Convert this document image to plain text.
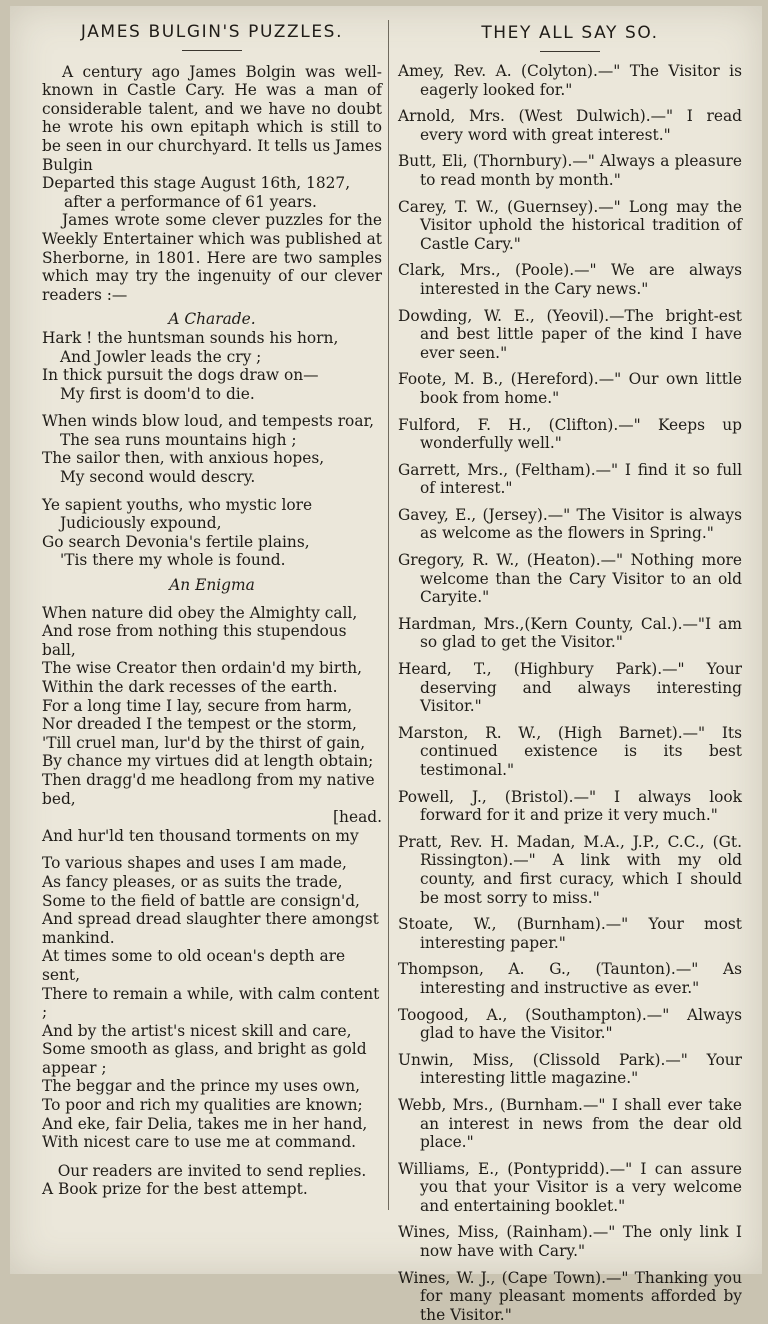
JAMES BULGIN'S PUZZLES.
A century ago James Bolgin was well-known in Castle Cary. He was a man of considerable talent, and we have no doubt he wrote his own epitaph which is still to be seen in our churchyard. It tells us James Bulgin
Departed this stage August 16th, 1827,
after a performance of 61 years.
James wrote some clever puzzles for the Weekly Entertainer which was published at Sherborne, in 1801. Here are two samples which may try the ingenuity of our clever readers :—
A Charade.
Hark ! the huntsman sounds his horn,
And Jowler leads the cry ;
In thick pursuit the dogs draw on—
My first is doom'd to die.
When winds blow loud, and tempests roar,
The sea runs mountains high ;
The sailor then, with anxious hopes,
My second would descry.
Ye sapient youths, who mystic lore
Judiciously expound,
Go search Devonia's fertile plains,
'Tis there my whole is found.
An Enigma
When nature did obey the Almighty call,
And rose from nothing this stupendous ball,
The wise Creator then ordain'd my birth,
Within the dark recesses of the earth.
For a long time I lay, secure from harm,
Nor dreaded I the tempest or the storm,
'Till cruel man, lur'd by the thirst of gain,
By chance my virtues did at length obtain;
Then dragg'd me headlong from my native bed,
[head.
And hur'ld ten thousand torments on my
To various shapes and uses I am made,
As fancy pleases, or as suits the trade,
Some to the field of battle are consign'd,
And spread dread slaughter there amongst mankind.
At times some to old ocean's depth are sent,
There to remain a while, with calm content ;
And by the artist's nicest skill and care,
Some smooth as glass, and bright as gold appear ;
The beggar and the prince my uses own,
To poor and rich my qualities are known;
And eke, fair Delia, takes me in her hand,
With nicest care to use me at command.
Our readers are invited to send replies.
A Book prize for the best attempt.
THEY ALL SAY SO.
Amey, Rev. A. (Colyton).—" The Visitor is eagerly looked for."
Arnold, Mrs. (West Dulwich).—" I read every word with great interest."
Butt, Eli, (Thornbury).—" Always a pleasure to read month by month."
Carey, T. W., (Guernsey).—" Long may the Visitor uphold the historical tradition of Castle Cary."
Clark, Mrs., (Poole).—" We are always interested in the Cary news."
Dowding, W. E., (Yeovil).—The bright-est and best little paper of the kind I have ever seen."
Foote, M. B., (Hereford).—" Our own little book from home."
Fulford, F. H., (Clifton).—" Keeps up wonderfully well."
Garrett, Mrs., (Feltham).—" I find it so full of interest."
Gavey, E., (Jersey).—" The Visitor is always as welcome as the flowers in Spring."
Gregory, R. W., (Heaton).—" Nothing more welcome than the Cary Visitor to an old Caryite."
Hardman, Mrs.,(Kern County, Cal.).—"I am so glad to get the Visitor."
Heard, T., (Highbury Park).—" Your deserving and always interesting Visitor."
Marston, R. W., (High Barnet).—" Its continued existence is its best testimonal."
Powell, J., (Bristol).—" I always look forward for it and prize it very much."
Pratt, Rev. H. Madan, M.A., J.P., C.C., (Gt. Rissington).—" A link with my old county, and first curacy, which I should be most sorry to miss."
Stoate, W., (Burnham).—" Your most interesting paper."
Thompson, A. G., (Taunton).—" As interesting and instructive as ever."
Toogood, A., (Southampton).—" Always glad to have the Visitor."
Unwin, Miss, (Clissold Park).—" Your interesting little magazine."
Webb, Mrs., (Burnham.—" I shall ever take an interest in news from the dear old place."
Williams, E., (Pontypridd).—" I can assure you that your Visitor is a very welcome and entertaining booklet."
Wines, Miss, (Rainham).—" The only link I now have with Cary."
Wines, W. J., (Cape Town).—" Thanking you for many pleasant moments afforded by the Visitor."
